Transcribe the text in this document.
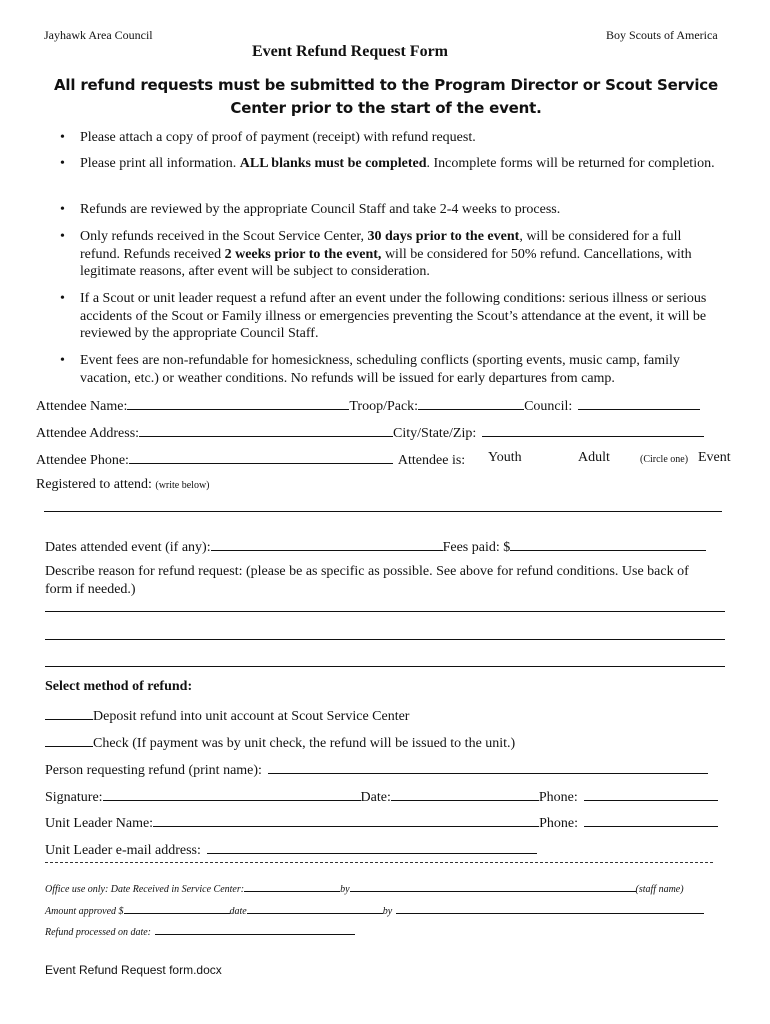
Jayhawk Area Council	Boy Scouts of America
Event Refund Request Form
All refund requests must be submitted to the Program Director or Scout Service Center prior to the start of the event.
• Please attach a copy of proof of payment (receipt) with refund request.
• Please print all information. ALL blanks must be completed. Incomplete forms will be returned for completion.
• Refunds are reviewed by the appropriate Council Staff and take 2-4 weeks to process.
• Only refunds received in the Scout Service Center, 30 days prior to the event, will be considered for a full refund. Refunds received 2 weeks prior to the event, will be considered for 50% refund. Cancellations, with legitimate reasons, after event will be subject to consideration.
• If a Scout or unit leader request a refund after an event under the following conditions: serious illness or serious accidents of the Scout or Family illness or emergencies preventing the Scout’s attendance at the event, it will be reviewed by the appropriate Council Staff.
• Event fees are non-refundable for homesickness, scheduling conflicts (sporting events, music camp, family vacation, etc.) or weather conditions. No refunds will be issued for early departures from camp.
Attendee Name:	Troop/Pack:	Council:
Attendee Address:	City/State/Zip:
Attendee Phone:	Attendee is: Youth	Adult	(Circle one) Event
Registered to attend: (write below)
Dates attended event (if any):	Fees paid: $
Describe reason for refund request: (please be as specific as possible. See above for refund conditions. Use back of form if needed.)
Select method of refund:
Deposit refund into unit account at Scout Service Center
Check (If payment was by unit check, the refund will be issued to the unit.)
Person requesting refund (print name):
Signature:	Date:	Phone:
Unit Leader Name:	Phone:
Unit Leader e-mail address:
Office use only: Date Received in Service Center:	by	(staff name)
Amount approved $	date	by
Refund processed on date:
Event Refund Request form.docx
